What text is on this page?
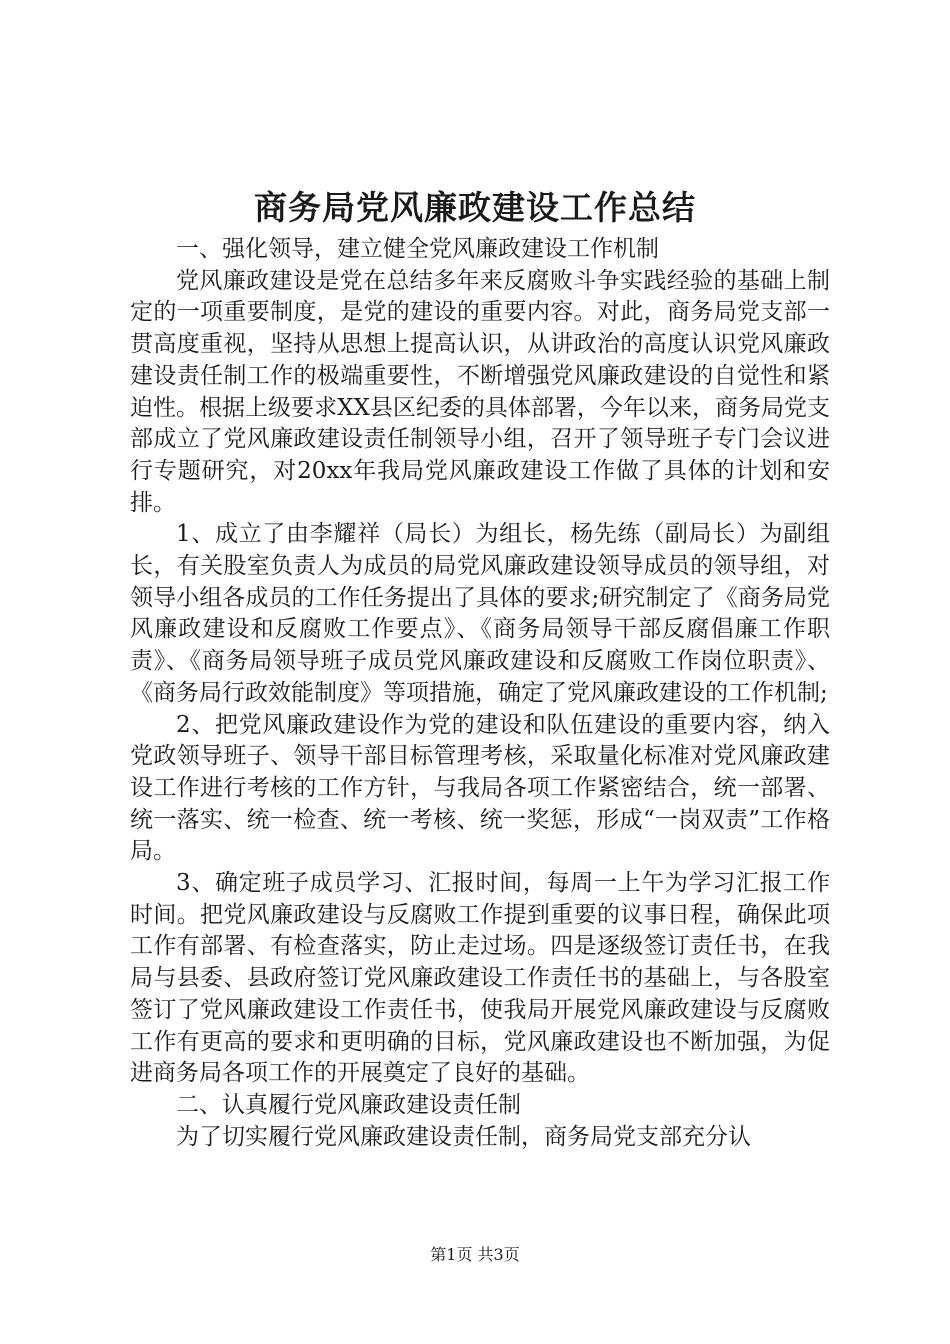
商务局党风廉政建设工作总结

一、强化领导，建立健全党风廉政建设工作机制

党风廉政建设是党在总结多年来反腐败斗争实践经验的基础上制定的一项重要制度，是党的建设的重要内容。对此，商务局党支部一贯高度重视，坚持从思想上提高认识，从讲政治的高度认识党风廉政建设责任制工作的极端重要性，不断增强党风廉政建设的自觉性和紧迫性。根据上级要求XX县区纪委的具体部署，今年以来，商务局党支部成立了党风廉政建设责任制领导小组，召开了领导班子专门会议进行专题研究，对20xx年我局党风廉政建设工作做了具体的计划和安排。

1、成立了由李耀祥（局长）为组长，杨先练（副局长）为副组长，有关股室负责人为成员的局党风廉政建设领导成员的领导组，对领导小组各成员的工作任务提出了具体的要求;研究制定了《商务局党风廉政建设和反腐败工作要点》、《商务局领导干部反腐倡廉工作职责》、《商务局领导班子成员党风廉政建设和反腐败工作岗位职责》、《商务局行政效能制度》等项措施，确定了党风廉政建设的工作机制;

2、把党风廉政建设作为党的建设和队伍建设的重要内容，纳入党政领导班子、领导干部目标管理考核，采取量化标准对党风廉政建设工作进行考核的工作方针，与我局各项工作紧密结合，统一部署、统一落实、统一检查、统一考核、统一奖惩，形成“一岗双责”工作格局。

3、确定班子成员学习、汇报时间，每周一上午为学习汇报工作时间。把党风廉政建设与反腐败工作提到重要的议事日程，确保此项工作有部署、有检查落实，防止走过场。四是逐级签订责任书，在我局与县委、县政府签订党风廉政建设工作责任书的基础上，与各股室签订了党风廉政建设工作责任书，使我局开展党风廉政建设与反腐败工作有更高的要求和更明确的目标，党风廉政建设也不断加强，为促进商务局各项工作的开展奠定了良好的基础。

二、认真履行党风廉政建设责任制

为了切实履行党风廉政建设责任制，商务局党支部充分认

第1页 共3页
